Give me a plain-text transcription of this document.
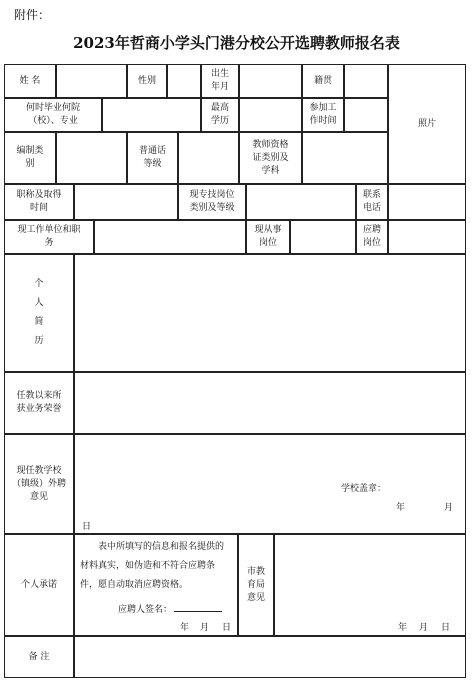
附件：
2023年哲商小学头门港分校公开选聘教师报名表
姓 名	性别
出生
年月
籍贯
照片
何时毕业何院
（校）、专业
最高
学历
参加工
作时间
编制类
别
普通话
等级
教师资格
证类别及
学科
职称及取得
时间
现专技岗位
类别及等级
联系
电话
现工作单位和职
务
现从事
岗位
应聘
岗位
个
人
简
历
任教以来所
获业务荣誉
现任教学校
（镇级）外聘
意见
学校盖章：
年	月
日
个人承诺
表中所填写的信息和报名提供的材料真实，如伪造和不符合应聘条件，愿自动取消应聘资格。
应聘人签名：
年 月 日
市教
育局
意见
年 月 日
备 注
